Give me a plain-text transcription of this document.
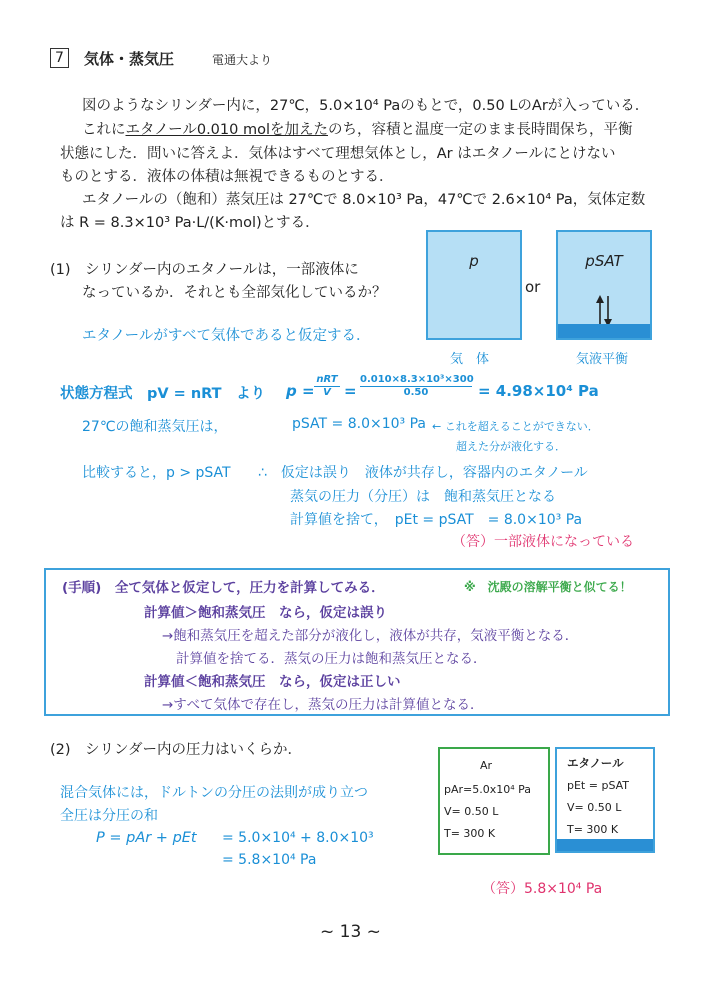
7	気体・蒸気圧	電通大より
図のようなシリンダー内に，27℃，5.0×10⁴ Paのもとで，0.50 LのArが入っている．
これにエタノール0.010 molを加えたのち，容積と温度一定のまま長時間保ち，平衡
状態にした．問いに答えよ．気体はすべて理想気体とし，Ar はエタノールにとけない
ものとする．液体の体積は無視できるものとする．
エタノールの（飽和）蒸気圧は 27℃で 8.0×10³ Pa，47℃で 2.6×10⁴ Pa，気体定数
は R = 8.3×10³ Pa·L/(K·mol)とする．
(1)　シリンダー内のエタノールは，一部液体に
なっているか．それとも全部気化しているか？
エタノールがすべて気体であると仮定する．
p
or
pSAT
気　体	気液平衡
状態方程式　pV = nRT　より p =
nRT
$V = \frac{\text{0.010×8.3×10³×300}}{0.50} = 4.98\times 10^4$ Pa
27℃の飽和蒸気圧は，	pSAT = 8.0×10³ Pa ← これを超えることができない．
超えた分が液化する．
比較すると，p > pSAT ∴　仮定は誤り　液体が共存し，容器内のエタノール
蒸気の圧力（分圧）は　飽和蒸気圧となる
計算値を捨て，　pEt = pSAT　= 8.0×10³ Pa
（答）一部液体になっている
(手順)　全て気体と仮定して，圧力を計算してみる．	※　沈殿の溶解平衡と似てる！
計算値＞飽和蒸気圧　なら，仮定は誤り
→飽和蒸気圧を超えた部分が液化し，液体が共存，気液平衡となる．
計算値を捨てる．蒸気の圧力は飽和蒸気圧となる．
計算値＜飽和蒸気圧　なら，仮定は正しい
→すべて気体で存在し，蒸気の圧力は計算値となる．
(2)　シリンダー内の圧力はいくらか．
混合気体には，ドルトンの分圧の法則が成り立つ
全圧は分圧の和
P = pAr + pEt = 5.0×10⁴ + 8.0×10³
= 5.8×10⁴ Pa
（答）5.8×10⁴ Pa
Ar
pAr=5.0x10⁴ Pa
V= 0.50 L
T= 300 K
エタノール
pEt = pSAT
V= 0.50 L
T= 300 K
~ 13 ~
